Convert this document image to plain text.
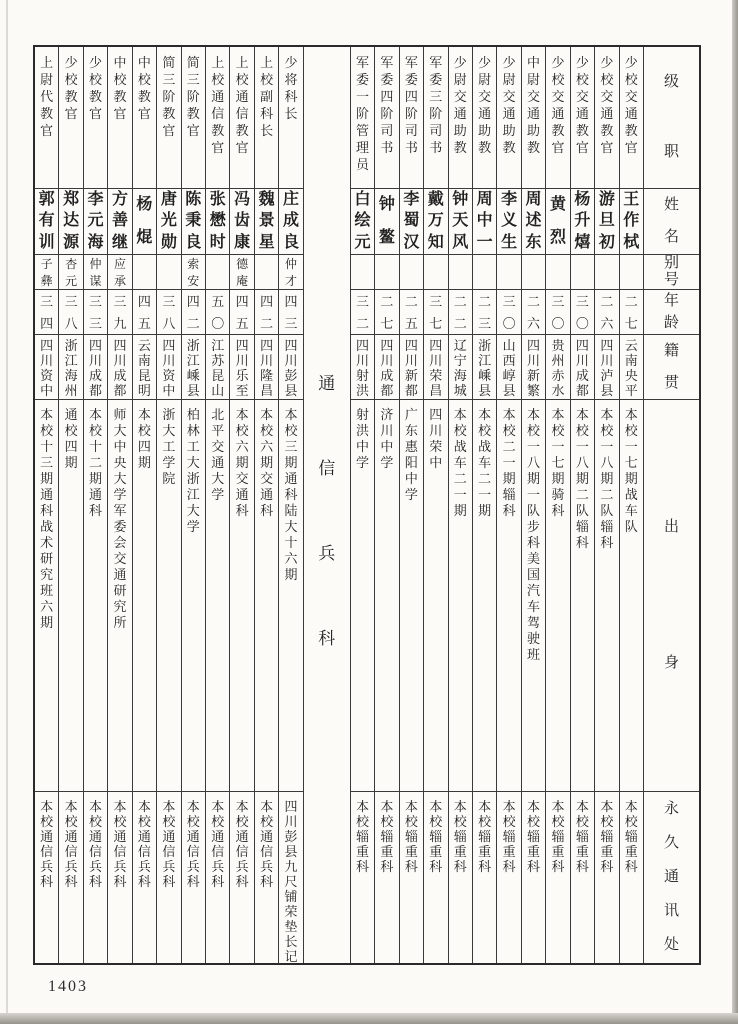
级
职
姓
名
别
号
年
龄
籍
贯
出
身
永
久
通
讯
处
少
校
交
通
教
官
王
作
栻
二
七
云
南
央
平
本
校
一
七
期
战
车
队
本
校
辎
重
科
少
校
交
通
教
官
游
旦
初
二
六
四
川
泸
县
本
校
一
八
期
二
队
辎
科
本
校
辎
重
科
少
校
交
通
教
官
杨
升
熺
三
〇
四
川
成
都
本
校
一
八
期
二
队
辎
科
本
校
辎
重
科
少
校
交
通
教
官
黄
烈
三
〇
贵
州
赤
水
本
校
一
七
期
骑
科
本
校
辎
重
科
中
尉
交
通
助
教
周
述
东
二
六
四
川
新
繁
本
校
一
八
期
一
队
步
科
美
国
汽
车
驾
驶
班
本
校
辎
重
科
少
尉
交
通
助
教
李
义
生
三
〇
山
西
崞
县
本
校
二
一
期
辎
科
本
校
辎
重
科
少
尉
交
通
助
教
周
中
一
二
三
浙
江
嵊
县
本
校
战
车
二
一
期
本
校
辎
重
科
少
尉
交
通
助
教
钟
天
风
二
二
辽
宁
海
城
本
校
战
车
二
一
期
本
校
辎
重
科
军
委
三
阶
司
书
戴
万
知
三
七
四
川
荣
昌
四
川
荣
中
本
校
辎
重
科
军
委
四
阶
司
书
李
蜀
汉
二
五
四
川
新
都
广
东
惠
阳
中
学
本
校
辎
重
科
军
委
四
阶
司
书
钟
鳌
二
七
四
川
成
都
济
川
中
学
本
校
辎
重
科
军
委
一
阶
管
理
员
白
绘
元
三
二
四
川
射
洪
射
洪
中
学
本
校
辎
重
科
通
信
兵
科
少
将
科
长
庄
成
良
仲
才
四
三
四
川
彭
县
本
校
三
期
通
科
陆
大
十
六
期
四
川
彭
县
九
尺
铺
荣
垫
长
记
上
校
副
科
长
魏
景
星
四
二
四
川
隆
昌
本
校
六
期
交
通
科
本
校
通
信
兵
科
上
校
通
信
教
官
冯
齿
康
德
庵
四
五
四
川
乐
至
本
校
六
期
交
通
科
本
校
通
信
兵
科
上
校
通
信
教
官
张
懋
时
五
〇
江
苏
昆
山
北
平
交
通
大
学
本
校
通
信
兵
科
简
三
阶
教
官
陈
秉
良
索
安
四
二
浙
江
嵊
县
柏
林
工
大
浙
江
大
学
本
校
通
信
兵
科
简
三
阶
教
官
唐
光
勋
三
八
四
川
资
中
浙
大
工
学
院
本
校
通
信
兵
科
中
校
教
官
杨
焜
四
五
云
南
昆
明
本
校
四
期
本
校
通
信
兵
科
中
校
教
官
方
善
继
应
承
三
九
四
川
成
都
师
大
中
央
大
学
军
委
会
交
通
研
究
所
本
校
通
信
兵
科
少
校
教
官
李
元
海
仲
谋
三
三
四
川
成
都
本
校
十
二
期
通
科
本
校
通
信
兵
科
少
校
教
官
郑
达
源
杏
元
三
八
浙
江
海
州
通
校
四
期
本
校
通
信
兵
科
上
尉
代
教
官
郭
有
训
子
彝
三
四
四
川
资
中
本
校
十
三
期
通
科
战
术
研
究
班
六
期
本
校
通
信
兵
科
1403
